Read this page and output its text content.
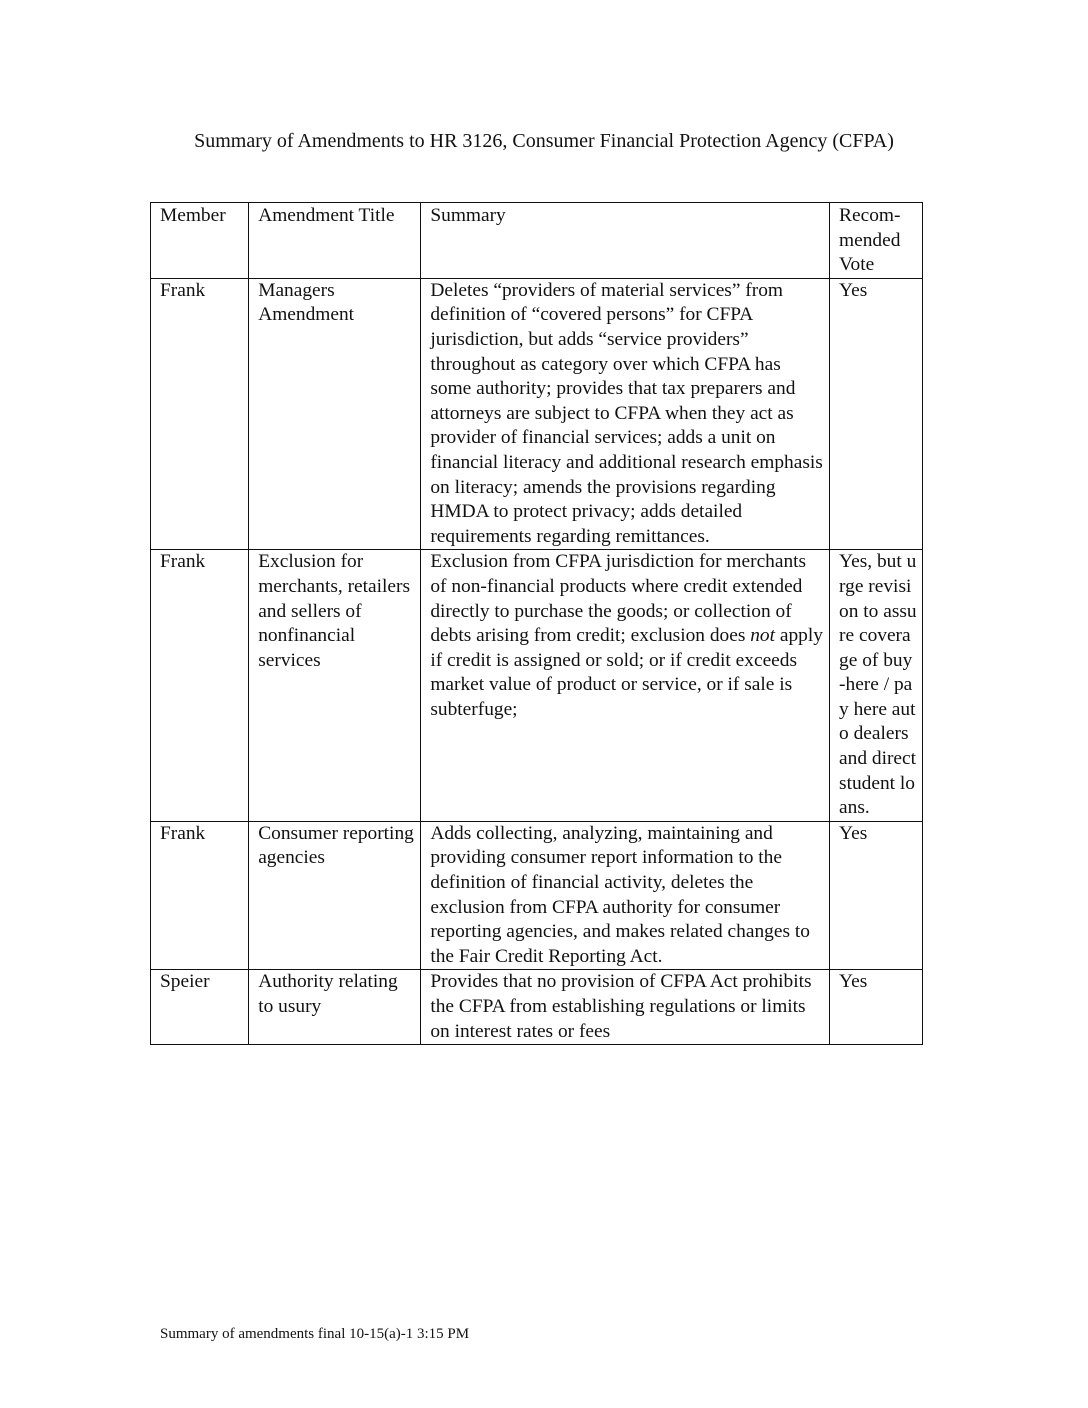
Summary of Amendments to HR 3126, Consumer Financial Protection Agency (CFPA)
Member	Amendment Title	Summary	Recom-mended Vote
Frank	Managers Amendment	Deletes “providers of material services” from definition of “covered persons” for CFPA jurisdiction, but adds “service providers” throughout as category over which CFPA has some authority; provides that tax preparers and attorneys are subject to CFPA when they act as provider of financial services; adds a unit on financial literacy and additional research emphasis on literacy; amends the provisions regarding HMDA to protect privacy; adds detailed requirements regarding remittances.	Yes
Frank	Exclusion for merchants, retailers and sellers of nonfinancial services	Exclusion from CFPA jurisdiction for merchants of non-financial products where credit extended directly to purchase the goods; or collection of debts arising from credit; exclusion does not apply if credit is assigned or sold; or if credit exceeds market value of product or service, or if sale is subterfuge;	Yes, but urge revision to assure coverage of buy-here / pay here auto dealers and direct student loans.
Frank	Consumer reporting agencies	Adds collecting, analyzing, maintaining and providing consumer report information to the definition of financial activity, deletes the exclusion from CFPA authority for consumer reporting agencies, and makes related changes to the Fair Credit Reporting Act.	Yes
Speier	Authority relating to usury	Provides that no provision of CFPA Act prohibits the CFPA from establishing regulations or limits on interest rates or fees	Yes
Summary of amendments final 10-15(a)-1 3:15 PM
